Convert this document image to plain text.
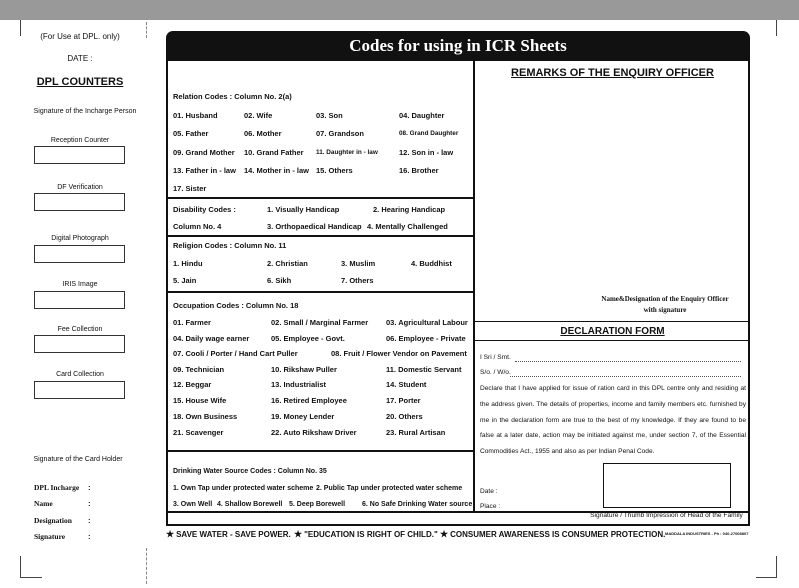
(For Use at DPL. only)
DATE :
DPL COUNTERS
Signature of the Incharge Person
Reception Counter
DF Verification
Digital Photograph
IRIS Image
Fee Collection
Card Collection
Signature of the Card Holder
DPL Incharge :
Name	:
Designation :
Signature	:
Codes for using in ICR Sheets
Relation Codes : Column No. 2(a)
01. Husband	02. Wife	03. Son	04. Daughter
05. Father	06. Mother	07. Grandson	08. Grand Daughter
09. Grand Mother 10. Grand Father 11. Daughter in - law	12. Son in - law
13. Father in - law 14. Mother in - law 15. Others	16. Brother
17. Sister
Disability Codes :	1. Visually Handicap	2. Hearing Handicap
Column No. 4	3. Orthopaedical Handicap 4. Mentally Challenged
Religion Codes : Column No. 11
1. Hindu	2. Christian	3. Muslim	4. Buddhist
5. Jain	6. Sikh	7. Others
Occupation Codes : Column No. 18
01. Farmer	02. Small / Marginal Farmer 03. Agricultural Labour
04. Daily wage earner	05. Employee - Govt.	06. Employee - Private
07. Cooli / Porter / Hand Cart Puller	08. Fruit / Flower Vendor on Pavement
09. Technician	10. Rikshaw Puller	11. Domestic Servant
12. Beggar	13. Industrialist	14. Student
15. House Wife	16. Retired Employee	17. Porter
18. Own Business	19. Money Lender	20. Others
21. Scavenger	22. Auto Rikshaw Driver	23. Rural Artisan
Drinking Water Source Codes : Column No. 35
1. Own Tap under protected water scheme 2. Public Tap under protected water scheme
3. Own Well 4. Shallow Borewell 5. Deep Borewell 6. No Safe Drinking Water source
REMARKS OF THE ENQUIRY OFFICER
Name&Designation of the Enquiry Officer
with signature
DECLARATION FORM
I Sri / Smt.
S/o. / W/o.
Declare that I have applied for issue of ration card in this DPL centre only and residing at the address given. The details of properties, income and family members etc. furnished by me in the declaration form are true to the best of my knowledge. If they are found to be false at a later date, action may be initiated against me, under section 7, of the Essential Commodities Act., 1955 and also as per Indian Penal Code.
Date :
Place :
Signature / Thumb Impression of Head of the Family
★ SAVE WATER - SAVE POWER. ★ "EDUCATION IS RIGHT OF CHILD." ★ CONSUMER AWARENESS IS CONSUMER PROTECTION. MADDALA INDUSTRIES - Ph : 040-27008807
